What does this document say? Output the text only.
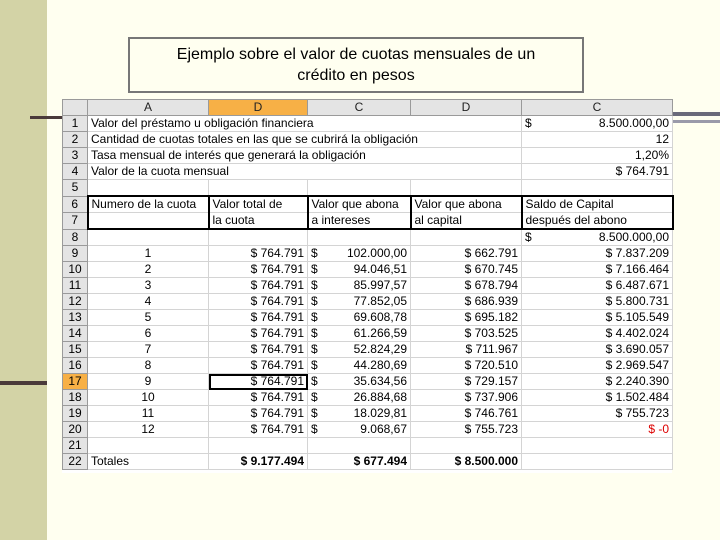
Ejemplo sobre el valor de cuotas mensuales de un
crédito en pesos
	A	D	C	D	C
1	Valor del préstamo u obligación financiera				$ 8.500.000,00

2	Cantidad de cuotas totales en las que se cubrirá la obligación				12
3	Tasa mensual de interés que generará la obligación				1,20%
4	Valor de la cuota mensual				$ 764.791
5					
6	Numero de la cuota	Valor total de	Valor que abona	Valor que abona	Saldo de Capital
7		la cuota	a intereses	al capital	después del abono
8					$ 8.500.000,00

9	1	$ 764.791	$ 102.000,00	$ 662.791	$ 7.837.209
10	2	$ 764.791	$ 94.046,51	$ 670.745	$ 7.166.464
11	3	$ 764.791	$ 85.997,57	$ 678.794	$ 6.487.671
12	4	$ 764.791	$ 77.852,05	$ 686.939	$ 5.800.731
13	5	$ 764.791	$ 69.608,78	$ 695.182	$ 5.105.549
14	6	$ 764.791	$ 61.266,59	$ 703.525	$ 4.402.024
15	7	$ 764.791	$ 52.824,29	$ 711.967	$ 3.690.057
16	8	$ 764.791	$ 44.280,69	$ 720.510	$ 2.969.547
17	9	$ 764.791	$ 35.634,56	$ 729.157	$ 2.240.390
18	10	$ 764.791	$ 26.884,68	$ 737.906	$ 1.502.484
19	11	$ 764.791	$ 18.029,81	$ 746.761	$ 755.723
20	12	$ 764.791	$ 9.068,67	$ 755.723	$ -0
21					
22	Totales	$ 9.177.494	$ 677.494	$ 8.500.000	
